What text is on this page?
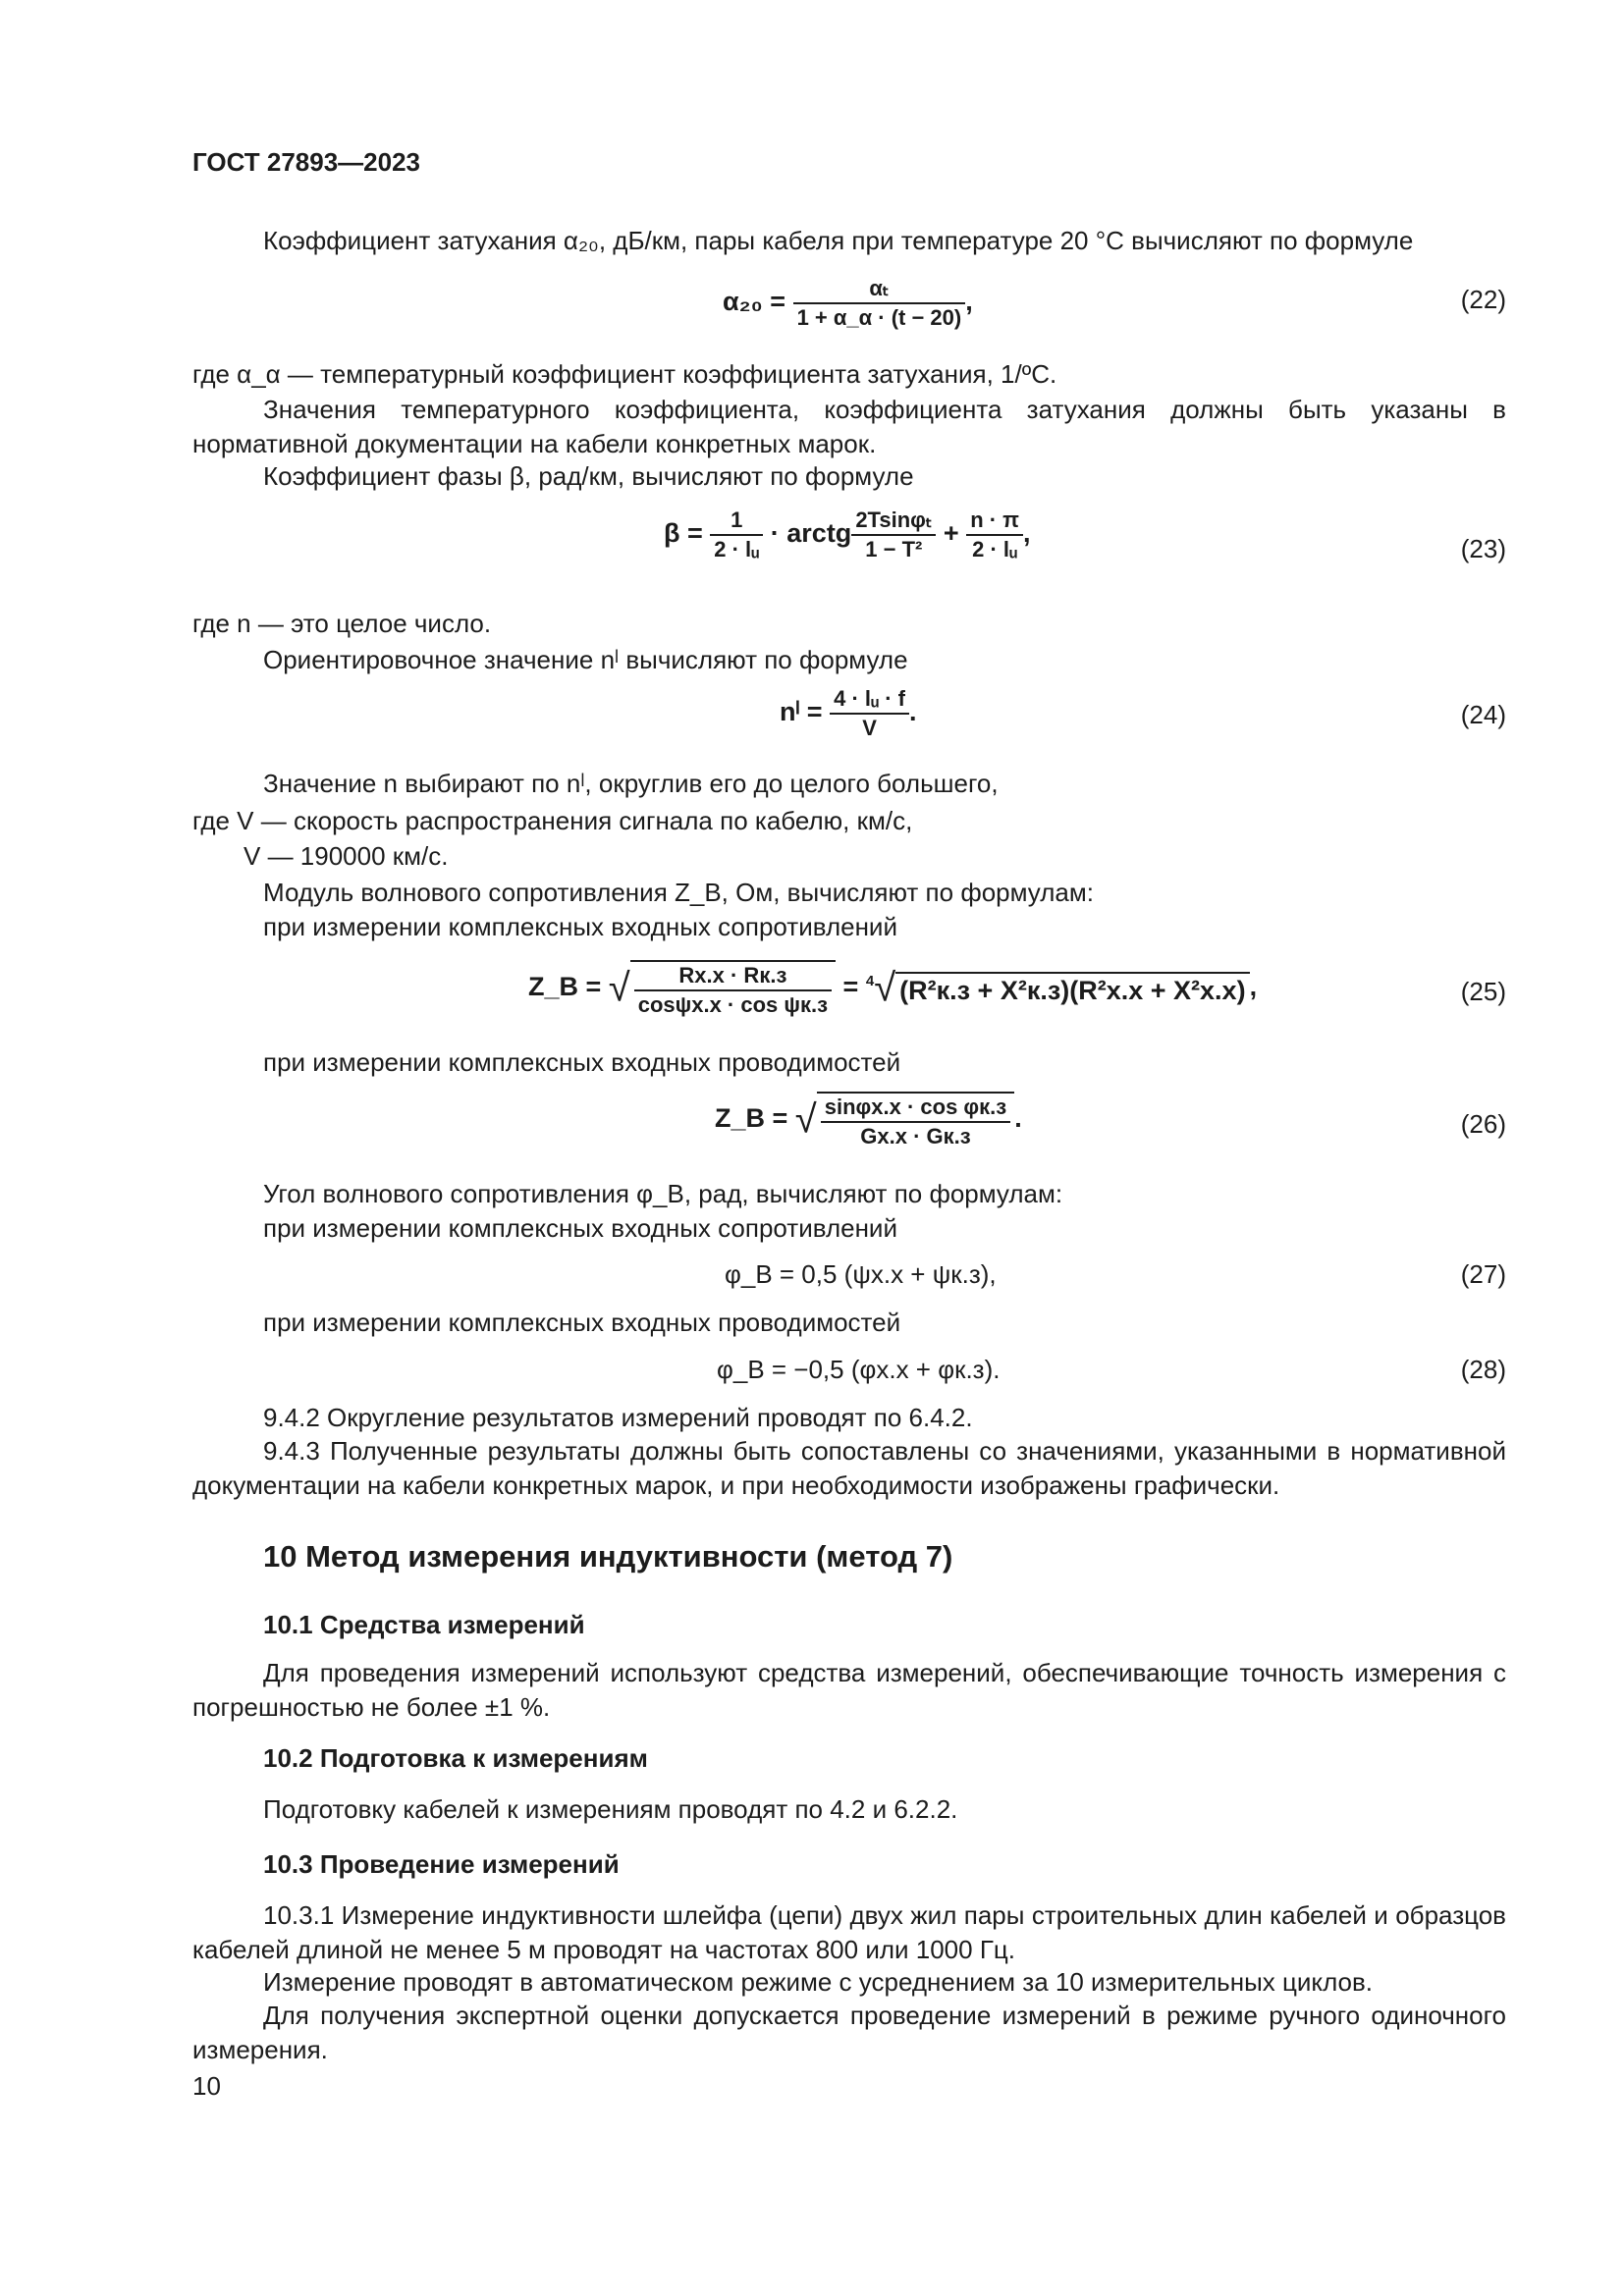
ГОСТ 27893—2023
Коэффициент затухания α₂₀, дБ/км, пары кабеля при температуре 20 °С вычисляют по формуле
$\alpha_{20} = \frac{\text{αₜ}}{1 + \alpha\_\alpha \cdot (t - 20)}$ ,	(22)
где α_α — температурный коэффициент коэффициента затухания, 1/ºС.
Значения температурного коэффициента, коэффициента затухания должны быть указаны в нормативной документации на кабели конкретных марок.
Коэффициент фазы β, рад/км, вычисляют по формуле
$\beta = \frac{1}{\text{2 · lᵤ}}$ · arctg $\frac{\text{2Tsinφₜ}}{\text{1 − T²}} + \frac{n \cdot \pi}{\text{2 · lᵤ}}$ ,
(23)
где n — это целое число.
Ориентировочное значение nˡ вычисляют по формуле
nˡ = $\frac{\text{4 · lᵤ · f}}{V}$ .	(24)
Значение n выбирают по nˡ, округлив его до целого большего,
где V — скорость распространения сигнала по кабелю, км/с,
V — 190000 км/с.
Модуль волнового сопротивления Z_B, Ом, вычисляют по формулам:
при измерении комплексных входных сопротивлений
Z_B = √ $\frac{Rx.x \cdot Rк.з}{\text{cosψx.x · cos ψк.з}} = ^4√$ (R²к.з + X²к.з)(R²x.x + X²x.x) ,	(25)
при измерении комплексных входных проводимостей
Z_B = √ $\frac{\text{sinφx.x · cos φк.з}}{Gx.x \cdot Gк.з}$ .	(26)
Угол волнового сопротивления φ_B, рад, вычисляют по формулам:
при измерении комплексных входных сопротивлений
φ_B = 0,5 (ψx.x + ψк.з),	(27)
при измерении комплексных входных проводимостей
φ_B = −0,5 (φx.x + φк.з).	(28)
9.4.2 Округление результатов измерений проводят по 6.4.2.
9.4.3 Полученные результаты должны быть сопоставлены со значениями, указанными в нормативной документации на кабели конкретных марок, и при необходимости изображены графически.
10 Метод измерения индуктивности (метод 7)
10.1 Средства измерений
Для проведения измерений используют средства измерений, обеспечивающие точность измерения с погрешностью не более ±1 %.
10.2 Подготовка к измерениям
Подготовку кабелей к измерениям проводят по 4.2 и 6.2.2.
10.3 Проведение измерений
10.3.1 Измерение индуктивности шлейфа (цепи) двух жил пары строительных длин кабелей и образцов кабелей длиной не менее 5 м проводят на частотах 800 или 1000 Гц.
Измерение проводят в автоматическом режиме с усреднением за 10 измерительных циклов.
Для получения экспертной оценки допускается проведение измерений в режиме ручного одиночного измерения.
10
